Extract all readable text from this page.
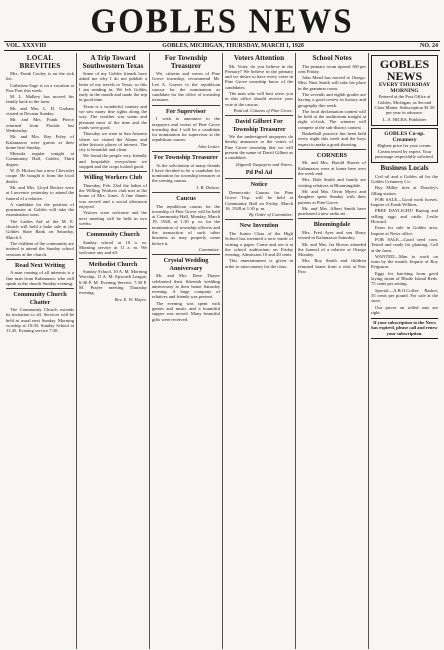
GOBLES NEWS
VOL. XXXVIII	GOBLES, MICHIGAN, THURSDAY, MARCH 1, 1928	NO. 24
LOCAL BREVITIES

Mrs. Frank Cooley is on the sick list.

Catherine Sage is on a vacation at Paw Paw this week.

M. L. Mallery has moved his family back to the farm.

Mr. and Mrs. L. D. Graham visited in Decatur Sunday.

Mr. and Mrs. Frank Pierce returned from Florida last Wednesday.

Mr. and Mrs. Ray Foley of Kalamazoo were guests at their home here Sunday.

Mineola regular tonight at Community Hall, Gobles, Third degree.

W. D. Hickox has a new Chevrolet coupe. He bought it from the local dealer.

Mr. and Mrs. Lloyd Becker were at Lawrence yesterday to attend the funeral of a relative.

A candidate for the position of postmaster at Gobles will take the examination soon.

The Ladies Aid of the M. E. church will hold a bake sale at the Gobles State Bank on Saturday, March 3.

The children of the community are invited to attend the Sunday school sessions at the church.

Read Next Writing

A man coming of all interests is a fine man from Kalamazoo who will speak at the church Sunday evening.

Community Church Chatter

The Community Church extends its invitation to all. Services will be held as usual next Sunday. Morning worship at 10:30, Sunday School at 11:45. Evening service 7:30.

A Trip Toward Southwestern Texas

Some of my Gobles friends have asked me why I do not publish a letter of my travels to Texas, so this I am sending in. We left Gobles early in the month and made the trip in good time.

Texas is a wonderful country and we saw many fine sights along the way. The weather was warm and pleasant most of the time and the roads were good.

Thursday we were in San Antonio where we visited the Alamo and other historic places of interest. The city is beautiful and clean.

We found the people very friendly and hospitable everywhere we stopped and the crops looked good.

Willing Workers Club

Thursday, Feb. 23rd the ladies of the Willing Workers club met at the home of Mrs. Jones. A fine dinner was served and a social afternoon enjoyed.

Visitors were welcome and the next meeting will be held in two weeks.

Community Church

Sunday school at 10 a. m. Morning service at 11 a. m. We welcome any and all.

Methodist Church

Sunday School, 10 A. M. Morning Worship, 11 A. M. Epworth League, 6:30 P. M. Evening Service, 7:30 P. M. Prayer meeting Thursday evening.

Rev. E. W. Hayes.

For Township Treasurer

We, citizens and voters of Pine Grove township, recommend Mr. Lee A. Graves to the republican caucus for the nomination as candidate for the office of township treasurer.

For Supervisor

I wish to announce to the taxpayers and voters of Pine Grove township that I will be a candidate for nomination for supervisor at the republican caucus.

John Lester.

For Township Treasurer

At the solicitation of many friends I have decided to be a candidate for nomination for township treasurer at the coming caucus.

J. B. Dolson.

Caucus

The republican caucus for the township of Pine Grove will be held at Community Hall, Monday, March 19, 1928, at 1:30 p. m. for the nomination of township officers and the transaction of such other business as may properly come before it.

Committee.

Crystal Wedding Anniversary

Mr. and Mrs. Dave Thayer celebrated their fifteenth wedding anniversary at their home Saturday evening. A large company of relatives and friends was present.

The evening was spent with games and music and a bountiful supper was served. Many beautiful gifts were received.

Voters Attention

Mr. Voter, do you believe in the Primary? We believe in the primary and we desire to have every voter in Pine Grove township know of the candidates.

The man who will best serve you in this office should receive your vote at the caucus.

Paid ad. Citizens of Pine Grove.

David Gilbert For Township Treasurer

We the undersigned taxpayers do hereby announce to the voters of Pine Grove township that we will present the name of David Gilbert as a candidate.

(Signed) Taxpayers and Voters.

Pd Pol Ad
Notice

Democratic Caucus for Pine Grove Twp. will be held at Community Hall on Friday, March 16, 1928 at 1:30 p. m.

By Order of Committee.

New Invention

The Junior Class of the High School has invented a new mode of writing a paper. Come and see it at the school auditorium on Friday evening. Admission 10 and 20 cents.

This entertainment is given in order to raise money for the class.

School Notes

The primary room tiptoed 100 per cent Friday.

John Mead has moved to Otsego. Miss Nina Smith will take his place in the grammar room.

The seventh and eighth grades are having a good review in history and geography this week.

The local declamation contest will be held at the auditorium tonight at eight o'clock. The winners will compete at the sub-district contest.

Basketball practice has been held every night this week and the boys expect to make a good showing.

CORNERS

Mr. and Mrs. Harold Shaver of Kalamazoo were at home here over the week end.

Mrs. Dale Smith and family are visiting relatives at Bloomingdale.

Mr. and Mrs. Orrin Myers and daughter spent Sunday with their parents at Pine Grove.

Mr. and Mrs. Albert Smith have purchased a new radio set.

Bloomingdale

Mrs. Fred Ayer and son Harry visited in Kalamazoo Saturday.

Mr. and Mrs. Ira Brown attended the funeral of a relative at Otsego Monday.

Mrs. Roy Smith and children returned home from a visit at Paw Paw.

GOBLES NEWS
EVERY THURSDAY MORNING

Entered at the Post Office at Gobles, Michigan, as Second Class Matter. Subscription $1.50 per year in advance.

L. S. HICKS, Publisher

GOBLES Co-op. Creamery

Highest price for your cream. Cream tested by expert. Your patronage respectfully solicited.

Business Locals

Cod oil and a Gobles ad for the Gobles Creamery Co.

Buy Miller tires at Doorley's filling station.

FOR SALE—Good work horses. Inquire of Frank Wilkins.

FREE DAYLIGHT! Buying and selling eggs and cattle. Leslie Howard.

Farm for sale in Gobles area. Inquire at News office.

FOR SALE—Good seed corn. Tested and ready for planting. Call at the farm.

WANTED—Man to work on farm by the month. Inquire of Roy Ferguson.

Eggs for hatching from good laying strain of Rhode Island Reds. 75 cents per setting.

Special—A.B.O.Coffee Basket, 35 cents per pound. For sale at the store.

Our prices on rolled oats are right.

If your subscription to the News has expired, please call and renew your subscription.
